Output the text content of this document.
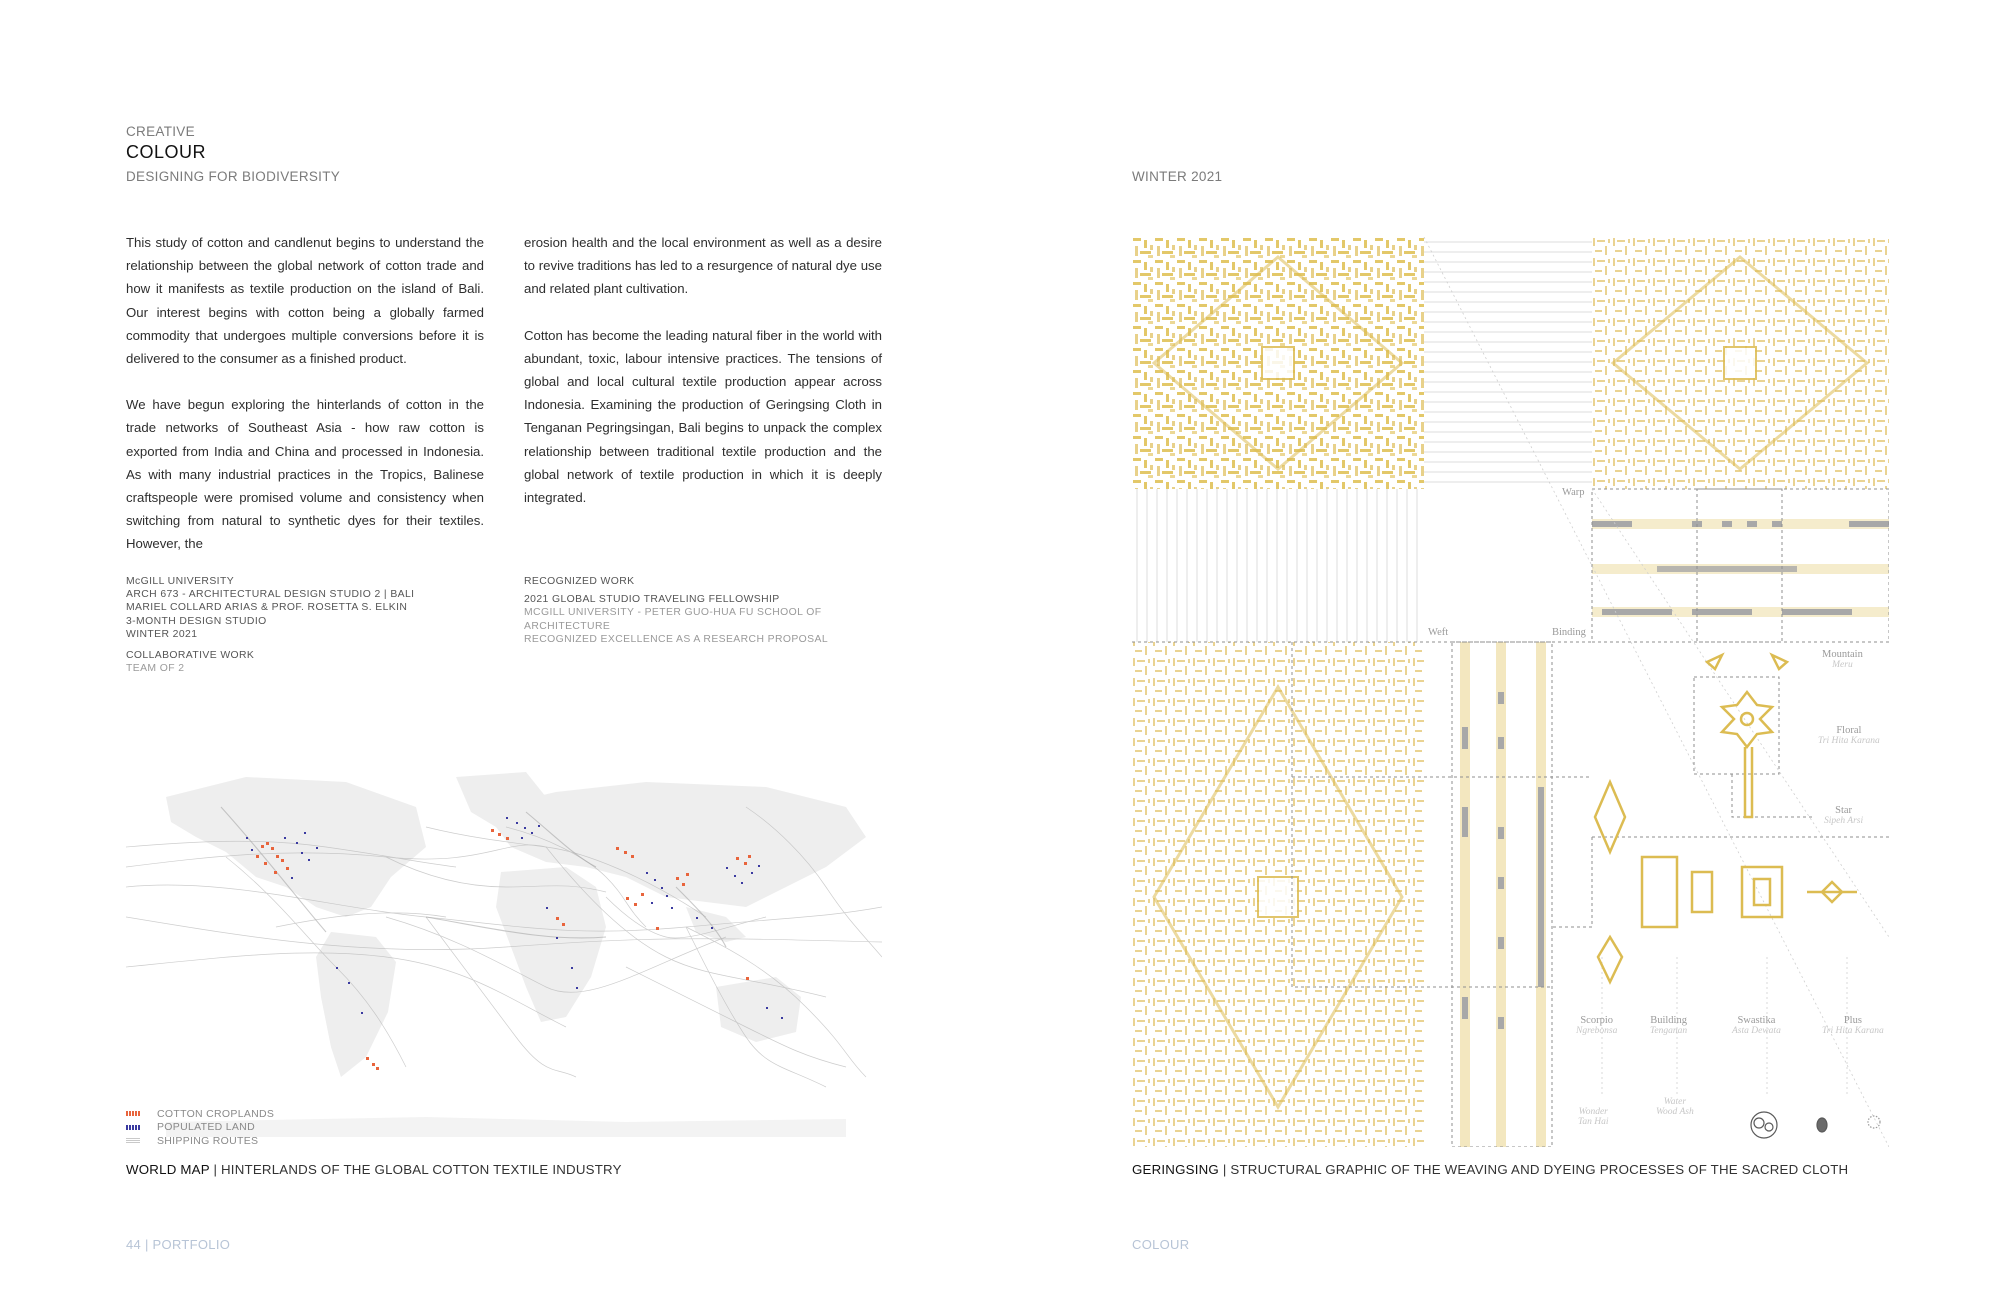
CREATIVE
COLOUR
DESIGNING FOR BIODIVERSITY

This study of cotton and candlenut begins to understand the relationship between the global network of cotton trade and how it manifests as textile production on the island of Bali. Our interest begins with cotton being a globally farmed commodity that undergoes multiple conversions before it is delivered to the consumer as a finished product.

We have begun exploring the hinterlands of cotton in the trade networks of Southeast Asia - how raw cotton is exported from India and China and processed in Indonesia. As with many industrial practices in the Tropics, Balinese craftspeople were promised volume and consistency when switching from natural to synthetic dyes for their textiles. However, the

erosion health and the local environment as well as a desire to revive traditions has led to a resurgence of natural dye use and related plant cultivation.

Cotton has become the leading natural fiber in the world with abundant, toxic, labour intensive practices. The tensions of global and local cultural textile production appear across Indonesia. Examining the production of Geringsing Cloth in Tenganan Pegringsingan, Bali begins to unpack the complex relationship between traditional textile production and the global network of textile production in which it is deeply integrated.

McGILL UNIVERSITY
ARCH 673 - ARCHITECTURAL DESIGN STUDIO 2 | BALI
MARIEL COLLARD ARIAS & PROF. ROSETTA S. ELKIN
3-MONTH DESIGN STUDIO
WINTER 2021
COLLABORATIVE WORK
TEAM OF 2
RECOGNIZED WORK
2021 GLOBAL STUDIO TRAVELING FELLOWSHIP
MCGILL UNIVERSITY - PETER GUO-HUA FU SCHOOL OF ARCHITECTURE
RECOGNIZED EXCELLENCE AS A RESEARCH PROPOSAL
COTTON CROPLANDS
POPULATED LAND
SHIPPING ROUTES
WORLD MAP | HINTERLANDS OF THE GLOBAL COTTON TEXTILE INDUSTRY
44 | PORTFOLIO
WINTER 2021
Warp
Weft	Binding
Mountain
Meru
Floral
Tri Hita Karana
Star
Sipeh Arsi
Scorpio
Ngrebonsa
Building
Tenganan
Swastika
Asta Dewata
Plus
Tri Hita Karana
Wonder
Tan Hai
Water
Wood Ash
GERINGSING | STRUCTURAL GRAPHIC OF THE WEAVING AND DYEING PROCESSES OF THE SACRED CLOTH
COLOUR
